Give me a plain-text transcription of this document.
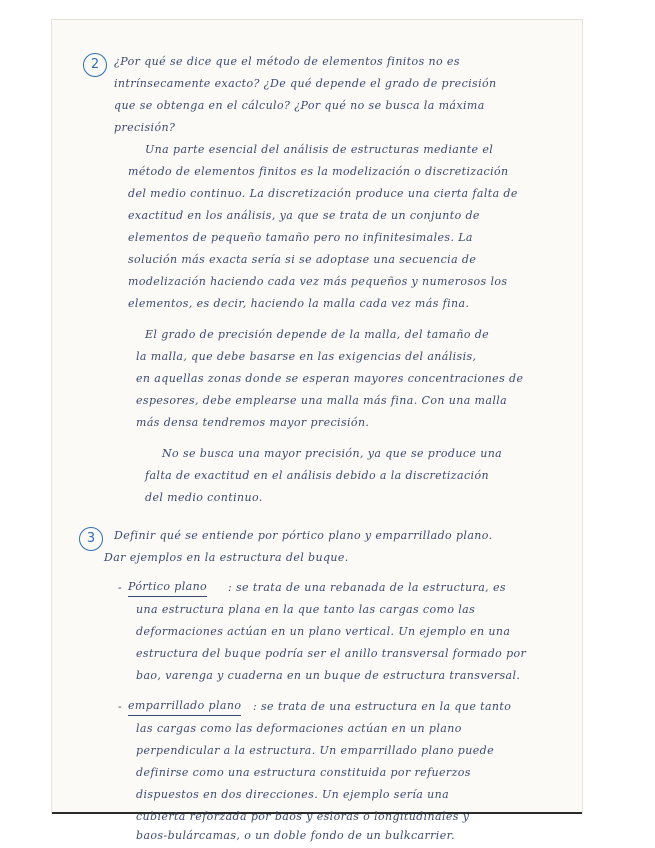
2	¿Por qué se dice que el método de elementos finitos no es

intrínsecamente exacto? ¿De qué depende el grado de precisión

que se obtenga en el cálculo? ¿Por qué no se busca la máxima

precisión?

Una parte esencial del análisis de estructuras mediante el

método de elementos finitos es la modelización o discretización

del medio continuo. La discretización produce una cierta falta de

exactitud en los análisis, ya que se trata de un conjunto de

elementos de pequeño tamaño pero no infinitesimales. La

solución más exacta sería si se adoptase una secuencia de

modelización haciendo cada vez más pequeños y numerosos los

elementos, es decir, haciendo la malla cada vez más fina.

El grado de precisión depende de la malla, del tamaño de

la malla, que debe basarse en las exigencias del análisis,

en aquellas zonas donde se esperan mayores concentraciones de

espesores, debe emplearse una malla más fina. Con una malla

más densa tendremos mayor precisión.

No se busca una mayor precisión, ya que se produce una

falta de exactitud en el análisis debido a la discretización

del medio continuo.

3	Definir qué se entiende por pórtico plano y emparrillado plano.

Dar ejemplos en la estructura del buque.

- Pórtico plano : se trata de una rebanada de la estructura, es

una estructura plana en la que tanto las cargas como las

deformaciones actúan en un plano vertical. Un ejemplo en una

estructura del buque podría ser el anillo transversal formado por

bao, varenga y cuaderna en un buque de estructura transversal.

- emparrillado plano : se trata de una estructura en la que tanto

las cargas como las deformaciones actúan en un plano

perpendicular a la estructura. Un emparrillado plano puede

definirse como una estructura constituida por refuerzos

dispuestos en dos direcciones. Un ejemplo sería una

cubierta reforzada por baos y esloras o longitudinales y

baos-bulárcamas, o un doble fondo de un bulkcarrier.
